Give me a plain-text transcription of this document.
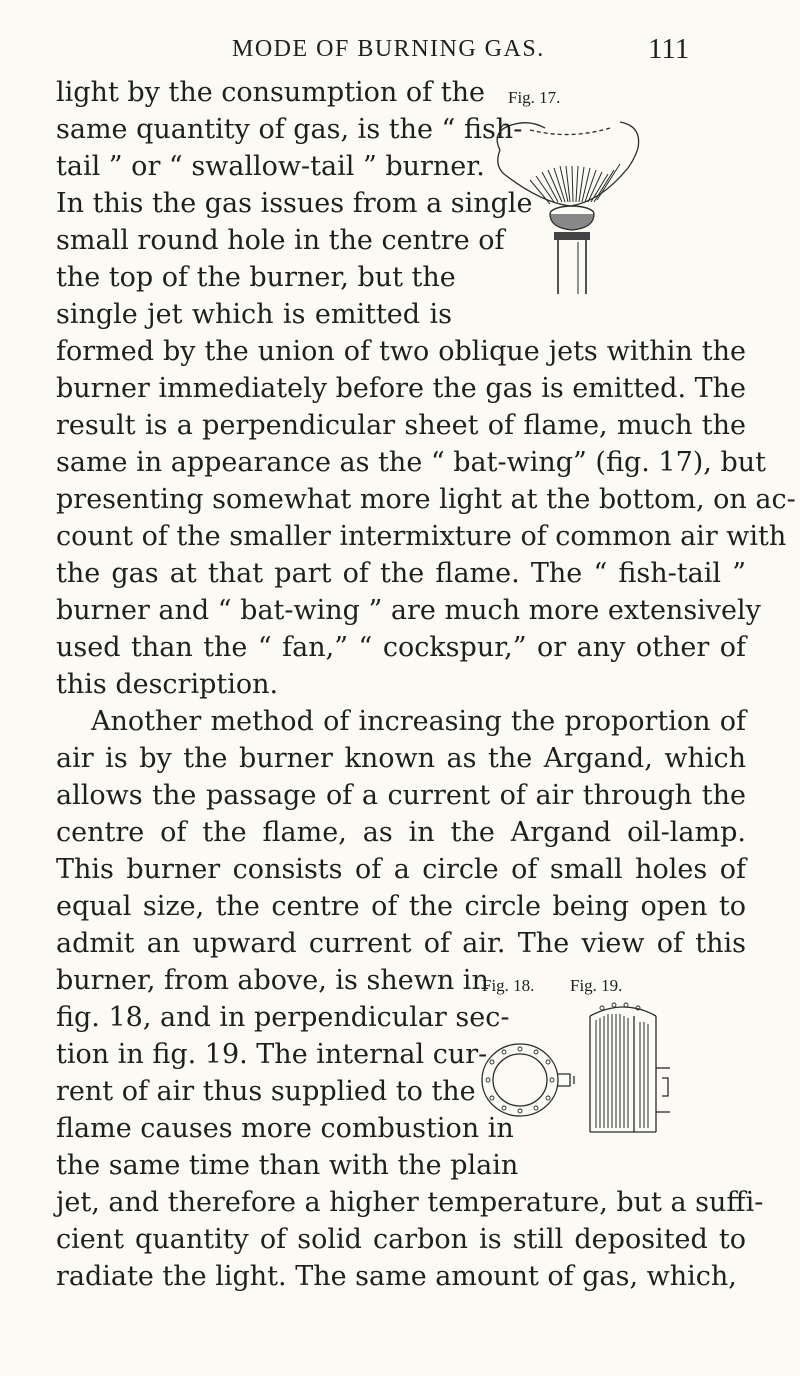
MODE OF BURNING GAS.	111
Fig. 17.
light by the consumption of the
same quantity of gas, is the “ fish-
tail ” or “ swallow-tail ” burner.
In this the gas issues from a single
small round hole in the centre of
the top of the burner, but the
single jet which is emitted is
formed by the union of two oblique jets within the
burner immediately before the gas is emitted. The
result is a perpendicular sheet of flame, much the
same in appearance as the “ bat-wing” (fig. 17), but
presenting somewhat more light at the bottom, on ac-
count of the smaller intermixture of common air with
the gas at that part of the flame. The “ fish-tail ”
burner and “ bat-wing ” are much more extensively
used than the “ fan,” “ cockspur,” or any other of
this description.
Another method of increasing the proportion of
air is by the burner known as the Argand, which
allows the passage of a current of air through the
centre of the flame, as in the Argand oil-lamp.
This burner consists of a circle of small holes of
equal size, the centre of the circle being open to
admit an upward current of air. The view of this
burner, from above, is shewn in
fig. 18, and in perpendicular sec-
tion in fig. 19. The internal cur-
rent of air thus supplied to the
flame causes more combustion in
the same time than with the plain
jet, and therefore a higher temperature, but a suffi-
cient quantity of solid carbon is still deposited to
radiate the light. The same amount of gas, which,
Fig. 18. Fig. 19.
